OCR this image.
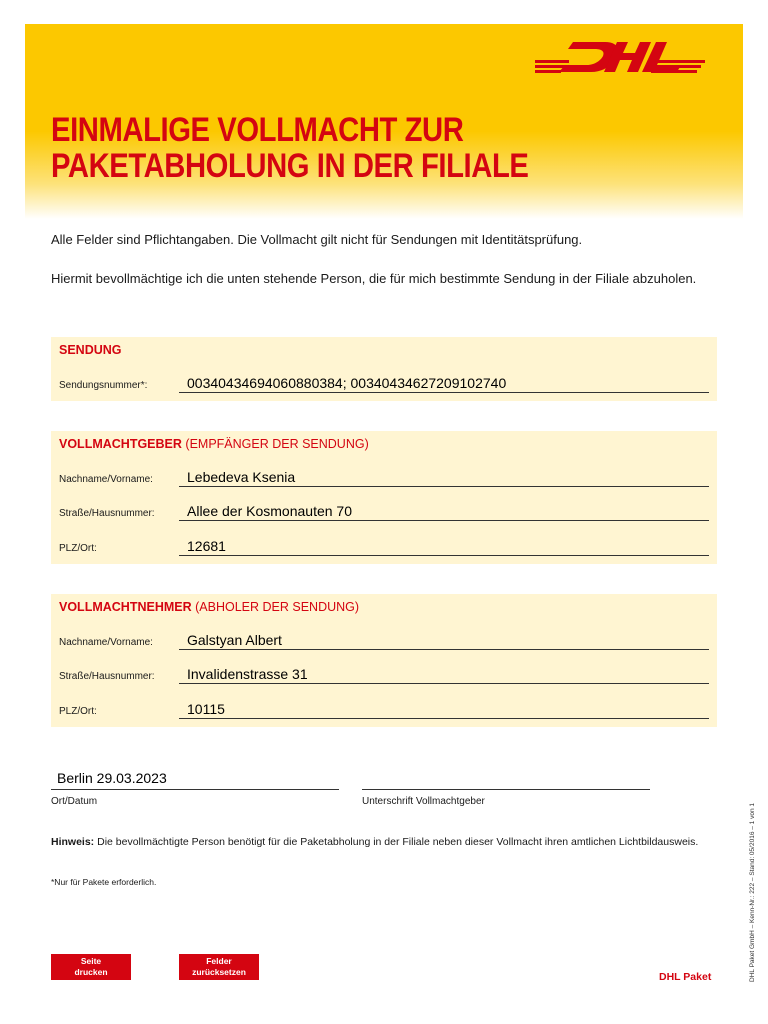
EINMALIGE VOLLMACHT ZUR
PAKETABHOLUNG IN DER FILIALE

Alle Felder sind Pflichtangaben. Die Vollmacht gilt nicht für Sendungen mit Identitätsprüfung.

Hiermit bevollmächtige ich die unten stehende Person, die für mich bestimmte Sendung in der Filiale abzuholen.

SENDUNG
Sendungsnummer*:	00340434694060880384; 00340434627209102740
VOLLMACHTGEBER (EMPFÄNGER DER SENDUNG)
Nachname/Vorname: Lebedeva Ksenia
Straße/Hausnummer: Allee der Kosmonauten 70
PLZ/Ort:	12681
VOLLMACHTNEHMER (ABHOLER DER SENDUNG)
Nachname/Vorname: Galstyan Albert
Straße/Hausnummer: Invalidenstrasse 31
PLZ/Ort:	10115
Berlin 29.03.2023
Ort/Datum	Unterschrift Vollmachtgeber

Hinweis: Die bevollmächtigte Person benötigt für die Paketabholung in der Filiale neben dieser Vollmacht ihren amtlichen Lichtbildausweis.

*Nur für Pakete erforderlich.

Seite
drucken
Felder
zurücksetzen	DHL Paket	DHL Paket GmbH – Kenn-Nr.: 222 – Stand: 05/2016 – 1 von 1
